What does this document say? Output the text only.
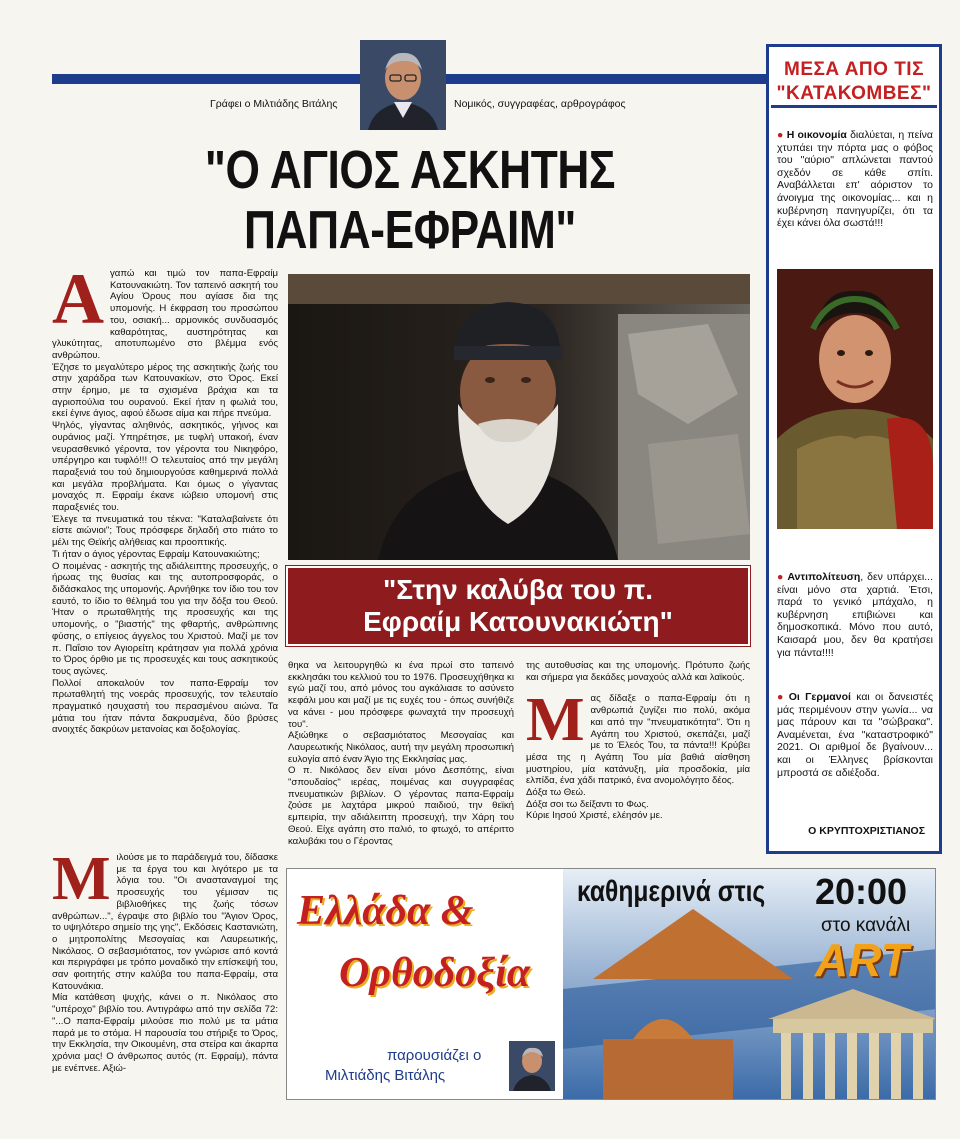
Γράφει ο Μιλτιάδης Βιτάλης	Νομικός, συγγραφέας, αρθρογράφος
"Ο ΑΓΙΟΣ ΑΣΚΗΤΗΣ
ΠΑΠΑ-ΕΦΡΑΙΜ"
Α γαπώ και τιμώ τον παπα-Εφραίμ Κατουνακιώτη. Τον ταπεινό ασκητή του Αγίου Όρους που αγίασε δια της υπομονής. Η έκφραση του προσώπου του, οσιακή... αρμονικός συνδυασμός καθαρότητας, αυστηρότητας και γλυκύτητας, αποτυπωμένο στο βλέμμα ενός ανθρώπου.

Έζησε το μεγαλύτερο μέρος της ασκητικής ζωής του στην χαράδρα των Κατουνακίων, στο Όρος. Εκεί στην έρημο, με τα σχισμένα βράχια και τα αγριοπούλια του ουρανού. Εκεί ήταν η φωλιά του, εκεί έγινε άγιος, αφού έδωσε αίμα και πήρε πνεύμα.

Ψηλός, γίγαντας αληθινός, ασκητικός, γήινος και ουράνιος μαζί. Υπηρέτησε, με τυφλή υπακοή, έναν νευρασθενικό γέροντα, τον γέροντα του Νικηφόρο, υπέργηρο και τυφλό!!! Ο τελευταίος από την μεγάλη παραξενιά του τού δημιουργούσε καθημερινά πολλά και μεγάλα προβλήματα. Και όμως ο γίγαντας μοναχός π. Εφραίμ έκανε ιώβειο υπομονή στις παραξενιές του.

Έλεγε τα πνευματικά του τέκνα: "Καταλαβαίνετε ότι είστε αιώνιοι"; Τους πρόσφερε δηλαδή στο πιάτο το μέλι της Θεϊκής αλήθειας και προοπτικής.

Τι ήταν ο άγιος γέροντας Εφραίμ Κατουνακιώτης;

Ο ποιμένας - ασκητής της αδιάλειπτης προσευχής, ο ήρωας της θυσίας και της αυτοπροσφοράς, ο διδάσκαλος της υπομονής. Αρνήθηκε τον ίδιο του τον εαυτό, το ίδιο το θέλημά του για την δόξα του Θεού. Ήταν ο πρωταθλητής της προσευχής και της υπομονής, ο "βιαστής" της φθαρτής, ανθρώπινης φύσης, ο επίγειος άγγελος του Χριστού. Μαζί με τον π. Παΐσιο τον Αγιορείτη κράτησαν για πολλά χρόνια το Όρος όρθιο με τις προσευχές και τους ασκητικούς τους αγώνες.

Πολλοί αποκαλούν τον παπα-Εφραίμ τον πρωταθλητή της νοεράς προσευχής, τον τελευταίο πραγματικό ησυχαστή του περασμένου αιώνα. Τα μάτια του ήταν πάντα δακρυσμένα, δύο βρύσες ανοιχτές δακρύων μετανοίας και δοξολογίας.

Μ ιλούσε με το παράδειγμά του, δίδασκε με τα έργα του και λιγότερο με τα λόγια του. "Οι ανασταναγμοί της προσευχής του γέμισαν τις βιβλιοθήκες της ζωής τόσων ανθρώπων...", έγραψε στο βιβλίο του "Άγιον Όρος, το υψηλότερο σημείο της γης", Εκδόσεις Καστανιώτη, ο μητροπολίτης Μεσογαίας και Λαυρεωτικής, Νικόλαος. Ο σεβασμιότατος, τον γνώρισε από κοντά και περιγράφει με τρόπο μοναδικό την επίσκεψή του, σαν φοιτητής στην καλύβα του παπα-Εφραίμ, στα Κατουνάκια.

Μία κατάθεση ψυχής, κάνει ο π. Νικόλαος στο "υπέροχο" βιβλίο του. Αντιγράφω από την σελίδα 72: "...Ο παπα-Εφραίμ μιλούσε πιο πολύ με τα μάτια παρά με το στόμα. Η παρουσία του στήριξε το Όρος, την Εκκλησία, την Οικουμένη, στα στείρα και άκαρπα χρόνια μας! Ο άνθρωπος αυτός (π. Εφραίμ), πάντα με ενέπνεε. Αξιώ-

"Στην καλύβα του π.
Εφραίμ Κατουνακιώτη"

θηκα να λειτουργηθώ κι ένα πρωί στο ταπεινό εκκλησάκι του κελλιού του το 1976. Προσευχήθηκα κι εγώ μαζί του, από μόνος του αγκάλιασε το ασύνετο κεφάλι μου και μαζί με τις ευχές του - όπως συνήθιζε να κάνει - μου πρόσφερε φωναχτά την προσευχή του".

Αξιώθηκε ο σεβασμιότατος Μεσογαίας και Λαυρεωτικής Νικόλαος, αυτή την μεγάλη προσωπική ευλογία από έναν Άγιο της Εκκλησίας μας.

Ο π. Νικόλαος δεν είναι μόνο Δεσπότης, είναι "σπουδαίος" ιερέας, ποιμένας και συγγραφέας πνευματικών βιβλίων. Ο γέροντας παπα-Εφραίμ ζούσε με λαχτάρα μικρού παιδιού, την θεϊκή εμπειρία, την αδιάλειπτη προσευχή, την Χάρη του Θεού. Είχε αγάπη στο παλιό, το φτωχό, το απέριττο καλυβάκι του ο Γέροντας

της αυτοθυσίας και της υπομονής. Πρότυπο ζωής και σήμερα για δεκάδες μοναχούς αλλά και λαϊκούς.

Μ ας δίδαξε ο παπα-Εφραίμ ότι η ανθρωπιά ζυγίζει πιο πολύ, ακόμα και από την "πνευματικότητα". Ότι η Αγάπη του Χριστού, σκεπάζει, μαζί με το Έλεός Του, τα πάντα!!! Κρύβει μέσα της η Αγάπη Του μία βαθιά αίσθηση μυστηρίου, μία κατάνυξη, μία προσδοκία, μία ελπίδα, ένα χάδι πατρικό, ένα ανομολόγητο δέος.

Δόξα τω Θεώ.

Δόξα σοι τω δείξαντι το Φως.

Κύριε Ιησού Χριστέ, ελέησόν με.

ΜΕΣΑ ΑΠΟ ΤΙΣ
"ΚΑΤΑΚΟΜΒΕΣ"
● Η οικονομία διαλύεται, η πείνα χτυπάει την πόρτα μας ο φόβος του "αύριο" απλώνεται παντού σχεδόν σε κάθε σπίτι. Αναβάλλεται επ' αόριστον το άνοιγμα της οικονομίας... και η κυβέρνηση πανηγυρίζει, ότι τα έχει κάνει όλα σωστά!!!
● Αντιπολίτευση, δεν υπάρχει... είναι μόνο στα χαρτιά. Έτσι, παρά το γενικό μπάχαλο, η κυβέρνηση επιβιώνει και δημοσκοπικά. Μόνο που αυτό, Καισαρά μου, δεν θα κρατήσει για πάντα!!!!
● Οι Γερμανοί και οι δανειστές μάς περιμένουν στην γωνία... να μας πάρουν και τα "σώβρακα". Αναμένεται, ένα "καταστροφικό" 2021. Οι αριθμοί δε βγαίνουν... και οι Έλληνες βρίσκονται μπροστά σε αδιέξοδα.
Ο ΚΡΥΠΤΟΧΡΙΣΤΙΑΝΟΣ
Ελλάδα &
Ορθοδοξία
παρουσιάζει ο
Μιλτιάδης Βιτάλης
καθημερινά στις 20:00
στο κανάλι
ART
